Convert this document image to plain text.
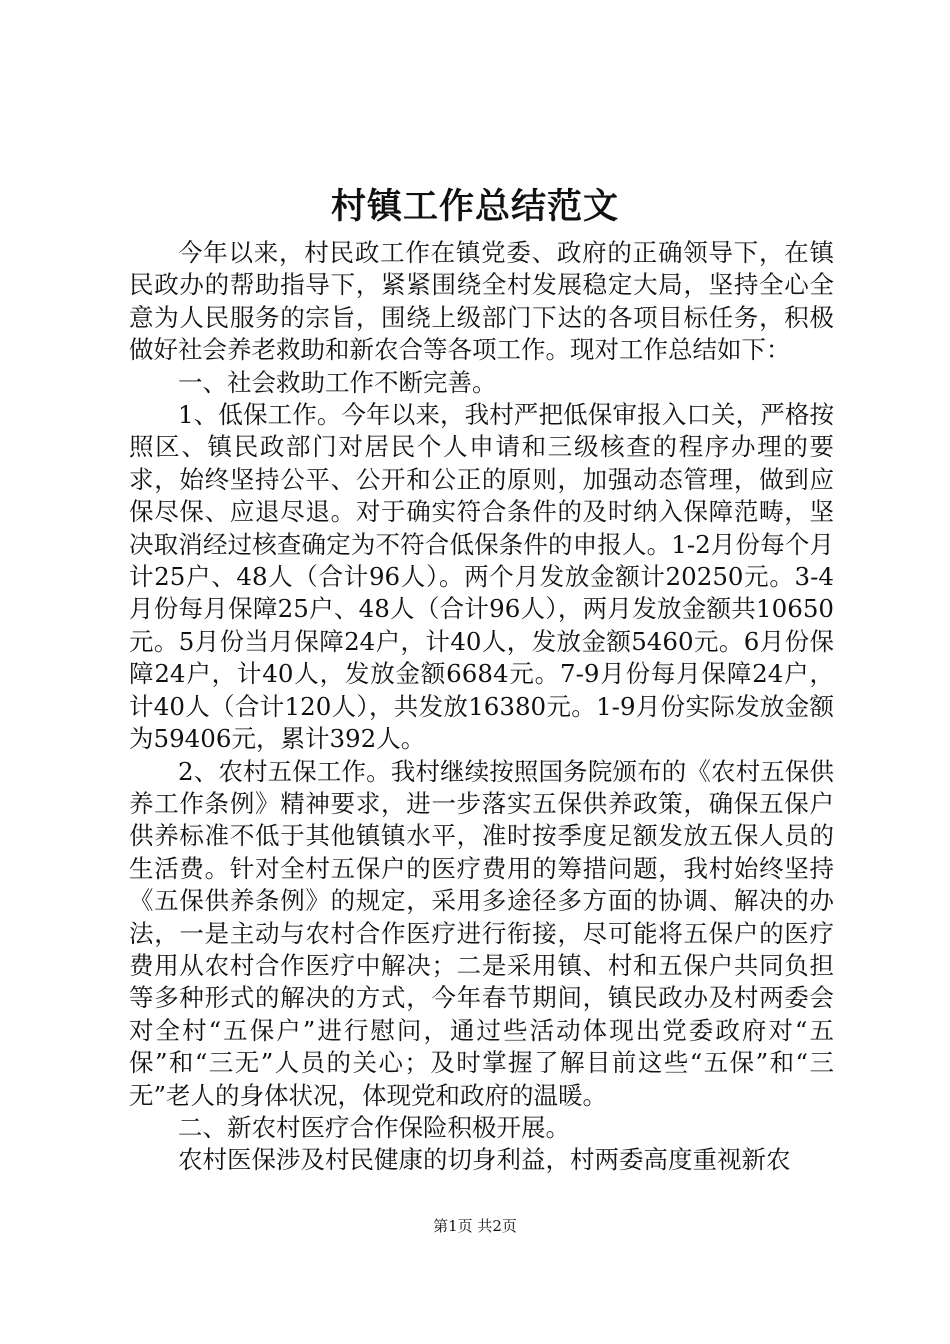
村镇工作总结范文

今年以来，村民政工作在镇党委、政府的正确领导下，在镇民政办的帮助指导下，紧紧围绕全村发展稳定大局，坚持全心全意为人民服务的宗旨，围绕上级部门下达的各项目标任务，积极做好社会养老救助和新农合等各项工作。现对工作总结如下：

一、社会救助工作不断完善。

1、低保工作。今年以来，我村严把低保审报入口关，严格按照区、镇民政部门对居民个人申请和三级核查的程序办理的要求，始终坚持公平、公开和公正的原则，加强动态管理，做到应保尽保、应退尽退。对于确实符合条件的及时纳入保障范畴，坚决取消经过核查确定为不符合低保条件的申报人。1-2月份每个月计25户、48人（合计96人）。两个月发放金额计20250元。3-4月份每月保障25户、48人（合计96人），两月发放金额共10650元。5月份当月保障24户，计40人，发放金额5460元。6月份保障24户，计40人，发放金额6684元。7-9月份每月保障24户，计40人（合计120人），共发放16380元。1-9月份实际发放金额为59406元，累计392人。

2、农村五保工作。我村继续按照国务院颁布的《农村五保供养工作条例》精神要求，进一步落实五保供养政策，确保五保户供养标准不低于其他镇镇水平，准时按季度足额发放五保人员的生活费。针对全村五保户的医疗费用的筹措问题，我村始终坚持《五保供养条例》的规定，采用多途径多方面的协调、解决的办法，一是主动与农村合作医疗进行衔接，尽可能将五保户的医疗费用从农村合作医疗中解决；二是采用镇、村和五保户共同负担等多种形式的解决的方式，今年春节期间，镇民政办及村两委会对全村“五保户”进行慰问，通过些活动体现出党委政府对“五保”和“三无”人员的关心；及时掌握了解目前这些“五保”和“三无”老人的身体状况，体现党和政府的温暖。

二、新农村医疗合作保险积极开展。

农村医保涉及村民健康的切身利益，村两委高度重视新农

第1页 共2页
